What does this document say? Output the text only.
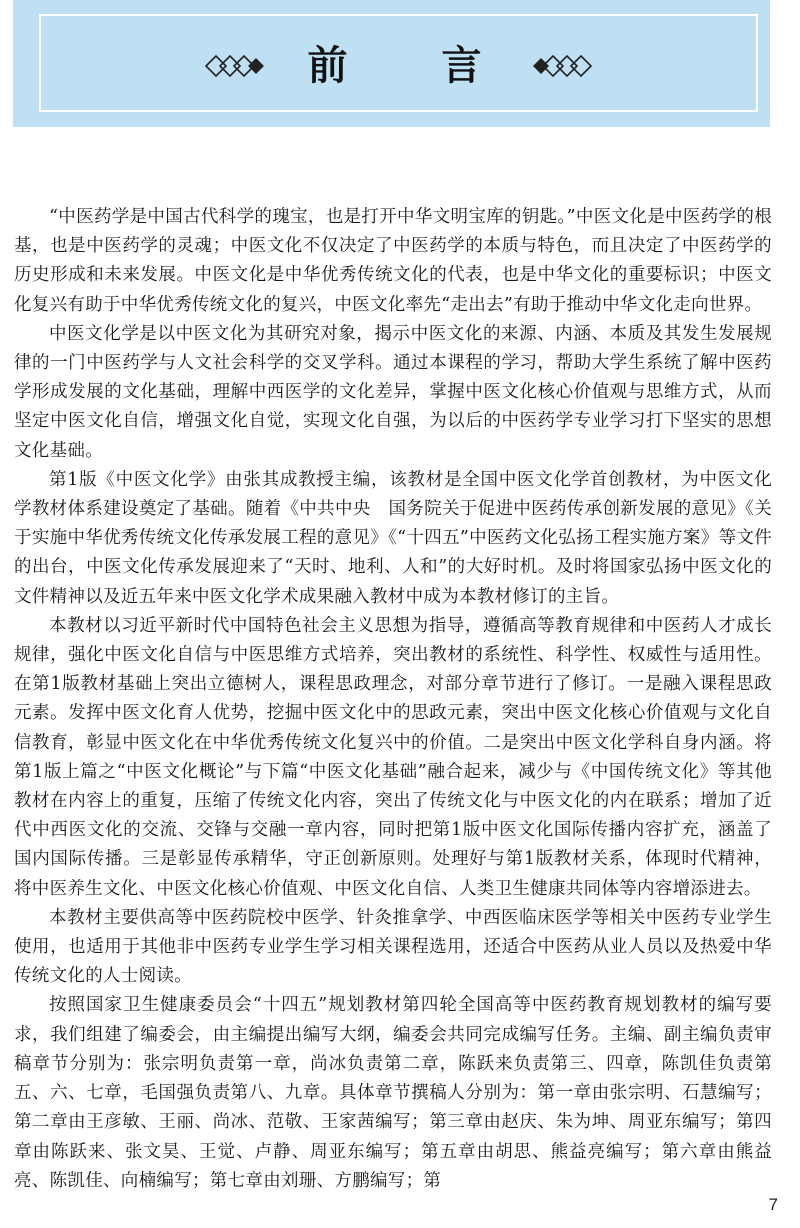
前 言

“中医药学是中国古代科学的瑰宝，也是打开中华文明宝库的钥匙。”中医文化是中医药学的根基，也是中医药学的灵魂；中医文化不仅决定了中医药学的本质与特色，而且决定了中医药学的历史形成和未来发展。中医文化是中华优秀传统文化的代表，也是中华文化的重要标识；中医文化复兴有助于中华优秀传统文化的复兴，中医文化率先“走出去”有助于推动中华文化走向世界。

中医文化学是以中医文化为其研究对象，揭示中医文化的来源、内涵、本质及其发生发展规律的一门中医药学与人文社会科学的交叉学科。通过本课程的学习，帮助大学生系统了解中医药学形成发展的文化基础，理解中西医学的文化差异，掌握中医文化核心价值观与思维方式，从而坚定中医文化自信，增强文化自觉，实现文化自强，为以后的中医药学专业学习打下坚实的思想文化基础。

第1版《中医文化学》由张其成教授主编，该教材是全国中医文化学首创教材，为中医文化学教材体系建设奠定了基础。随着《中共中央　国务院关于促进中医药传承创新发展的意见》《关于实施中华优秀传统文化传承发展工程的意见》《“十四五”中医药文化弘扬工程实施方案》等文件的出台，中医文化传承发展迎来了“天时、地利、人和”的大好时机。及时将国家弘扬中医文化的文件精神以及近五年来中医文化学术成果融入教材中成为本教材修订的主旨。

本教材以习近平新时代中国特色社会主义思想为指导，遵循高等教育规律和中医药人才成长规律，强化中医文化自信与中医思维方式培养，突出教材的系统性、科学性、权威性与适用性。在第1版教材基础上突出立德树人，课程思政理念，对部分章节进行了修订。一是融入课程思政元素。发挥中医文化育人优势，挖掘中医文化中的思政元素，突出中医文化核心价值观与文化自信教育，彰显中医文化在中华优秀传统文化复兴中的价值。二是突出中医文化学科自身内涵。将第1版上篇之“中医文化概论”与下篇“中医文化基础”融合起来，减少与《中国传统文化》等其他教材在内容上的重复，压缩了传统文化内容，突出了传统文化与中医文化的内在联系；增加了近代中西医文化的交流、交锋与交融一章内容，同时把第1版中医文化国际传播内容扩充，涵盖了国内国际传播。三是彰显传承精华，守正创新原则。处理好与第1版教材关系，体现时代精神，将中医养生文化、中医文化核心价值观、中医文化自信、人类卫生健康共同体等内容增添进去。

本教材主要供高等中医药院校中医学、针灸推拿学、中西医临床医学等相关中医药专业学生使用，也适用于其他非中医药专业学生学习相关课程选用，还适合中医药从业人员以及热爱中华传统文化的人士阅读。

按照国家卫生健康委员会“十四五”规划教材第四轮全国高等中医药教育规划教材的编写要求，我们组建了编委会，由主编提出编写大纲，编委会共同完成编写任务。主编、副主编负责审稿章节分别为：张宗明负责第一章，尚冰负责第二章，陈跃来负责第三、四章，陈凯佳负责第五、六、七章，毛国强负责第八、九章。具体章节撰稿人分别为：第一章由张宗明、石慧编写；第二章由王彦敏、王丽、尚冰、范敬、王家茜编写；第三章由赵庆、朱为坤、周亚东编写；第四章由陈跃来、张文昊、王觉、卢静、周亚东编写；第五章由胡思、熊益亮编写；第六章由熊益亮、陈凯佳、向楠编写；第七章由刘珊、方鹏编写；第

7
